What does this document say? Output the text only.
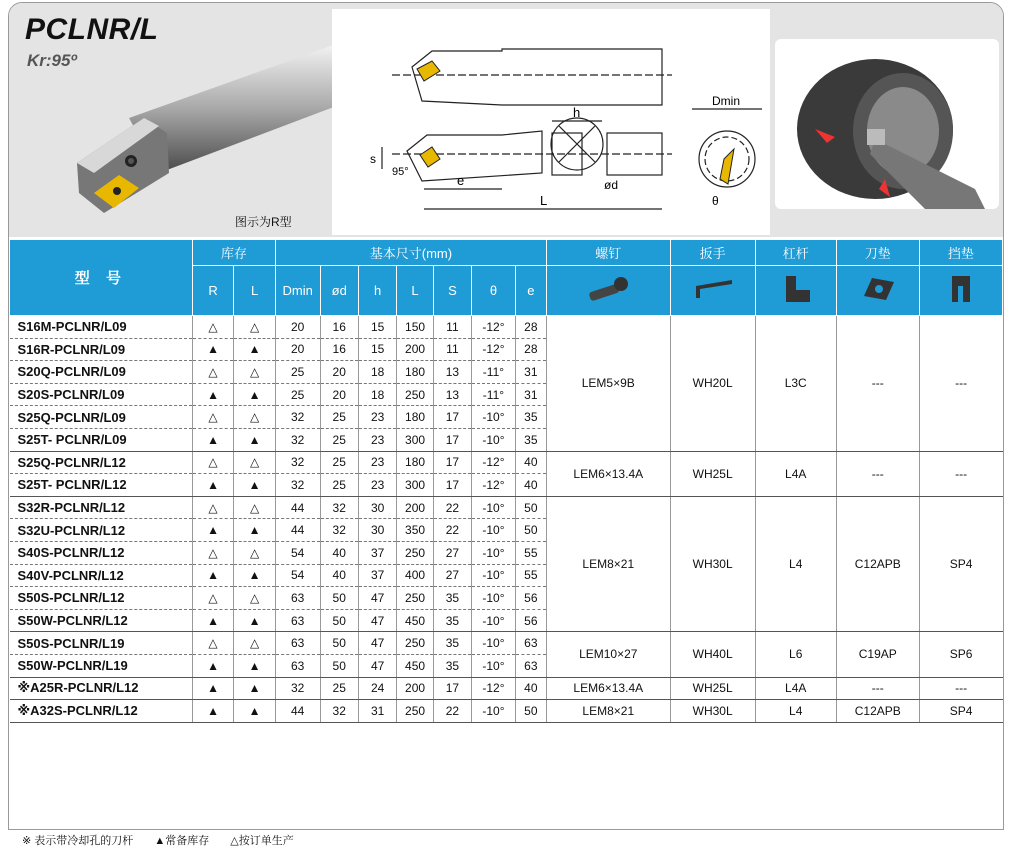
PCLNR/L
Kr:95º
图示为R型
h
Dmin
s
95°
e
L
ød
θ
型 号	库存		基本尺寸(mm)							螺钉	扳手	杠杆	刀垫	挡垫
	R	L	Dmin	ød	h	L	S	θ	e					
S16M-PCLNR/L09	△	△	20	16	15	150	11	-12°	28	LEM5×9B	WH20L	L3C	---	---
S16R-PCLNR/L09	▲	▲	20	16	15	200	11	-12°	28					
S20Q-PCLNR/L09	△	△	25	20	18	180	13	-11°	31					
S20S-PCLNR/L09	▲	▲	25	20	18	250	13	-11°	31					
S25Q-PCLNR/L09	△	△	32	25	23	180	17	-10°	35					
S25T- PCLNR/L09	▲	▲	32	25	23	300	17	-10°	35					
S25Q-PCLNR/L12	△	△	32	25	23	180	17	-12°	40	LEM6×13.4A	WH25L	L4A	---	---
S25T- PCLNR/L12	▲	▲	32	25	23	300	17	-12°	40					
S32R-PCLNR/L12	△	△	44	32	30	200	22	-10°	50	LEM8×21	WH30L	L4	C12APB	SP4
S32U-PCLNR/L12	▲	▲	44	32	30	350	22	-10°	50					
S40S-PCLNR/L12	△	△	54	40	37	250	27	-10°	55					
S40V-PCLNR/L12	▲	▲	54	40	37	400	27	-10°	55					
S50S-PCLNR/L12	△	△	63	50	47	250	35	-10°	56					
S50W-PCLNR/L12	▲	▲	63	50	47	450	35	-10°	56					
S50S-PCLNR/L19	△	△	63	50	47	250	35	-10°	63	LEM10×27	WH40L	L6	C19AP	SP6
S50W-PCLNR/L19	▲	▲	63	50	47	450	35	-10°	63					
※A25R-PCLNR/L12	▲	▲	32	25	24	200	17	-12°	40	LEM6×13.4A	WH25L	L4A	---	---
※A32S-PCLNR/L12	▲	▲	44	32	31	250	22	-10°	50	LEM8×21	WH30L	L4	C12APB	SP4
※ 表示带冷却孔的刀杆 ▲常备库存 △按订单生产
